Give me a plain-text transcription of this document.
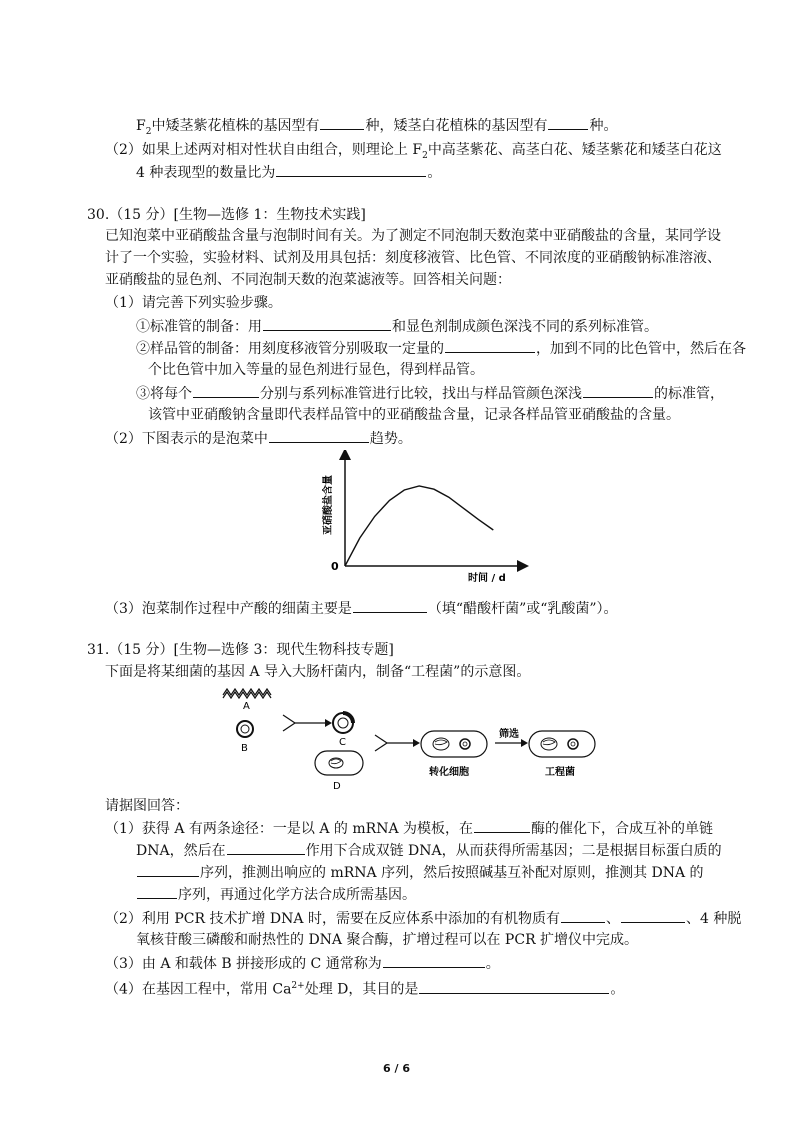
$F_2$中矮茎紫花植株的基因型有	种，矮茎白花植株的基因型有	种。
（2）如果上述两对相对性状自由组合，则理论上 $F_2$中高茎紫花、高茎白花、矮茎紫花和矮茎白花这
4 种表现型的数量比为	。
30.（15 分）[生物—选修 1：生物技术实践]
已知泡菜中亚硝酸盐含量与泡制时间有关。为了测定不同泡制天数泡菜中亚硝酸盐的含量，某同学设
计了一个实验，实验材料、试剂及用具包括：刻度移液管、比色管、不同浓度的亚硝酸钠标准溶液、
亚硝酸盐的显色剂、不同泡制天数的泡菜滤液等。回答相关问题：
（1）请完善下列实验步骤。
①标准管的制备：用	和显色剂制成颜色深浅不同的系列标准管。
②样品管的制备：用刻度移液管分别吸取一定量的	，加到不同的比色管中，然后在各
个比色管中加入等量的显色剂进行显色，得到样品管。
③将每个	分别与系列标准管进行比较，找出与样品管颜色深浅	的标准管，
该管中亚硝酸钠含量即代表样品管中的亚硝酸盐含量，记录各样品管亚硝酸盐的含量。
（2）下图表示的是泡菜中	趋势。
0
时间 / d
亚硝酸盐含量
（3）泡菜制作过程中产酸的细菌主要是	（填“醋酸杆菌”或“乳酸菌”）。
31.（15 分）[生物—选修 3：现代生物科技专题]
下面是将某细菌的基因 A 导入大肠杆菌内，制备“工程菌”的示意图。
A
B
C
D
转化细胞
筛选
工程菌
请据图回答：
（1）获得 A 有两条途径：一是以 A 的 mRNA 为模板，在	酶的催化下，合成互补的单链
DNA，然后在	作用下合成双链 DNA，从而获得所需基因；二是根据目标蛋白质的
序列，推测出响应的 mRNA 序列，然后按照碱基互补配对原则，推测其 DNA 的
序列，再通过化学方法合成所需基因。
（2）利用 PCR 技术扩增 DNA 时，需要在反应体系中添加的有机物质有	、	、4 种脱
氧核苷酸三磷酸和耐热性的 DNA 聚合酶，扩增过程可以在 PCR 扩增仪中完成。
（3）由 A 和载体 B 拼接形成的 C 通常称为	。
（4）在基因工程中，常用 $Ca^{2+}$处理 D，其目的是	。
6 / 6
